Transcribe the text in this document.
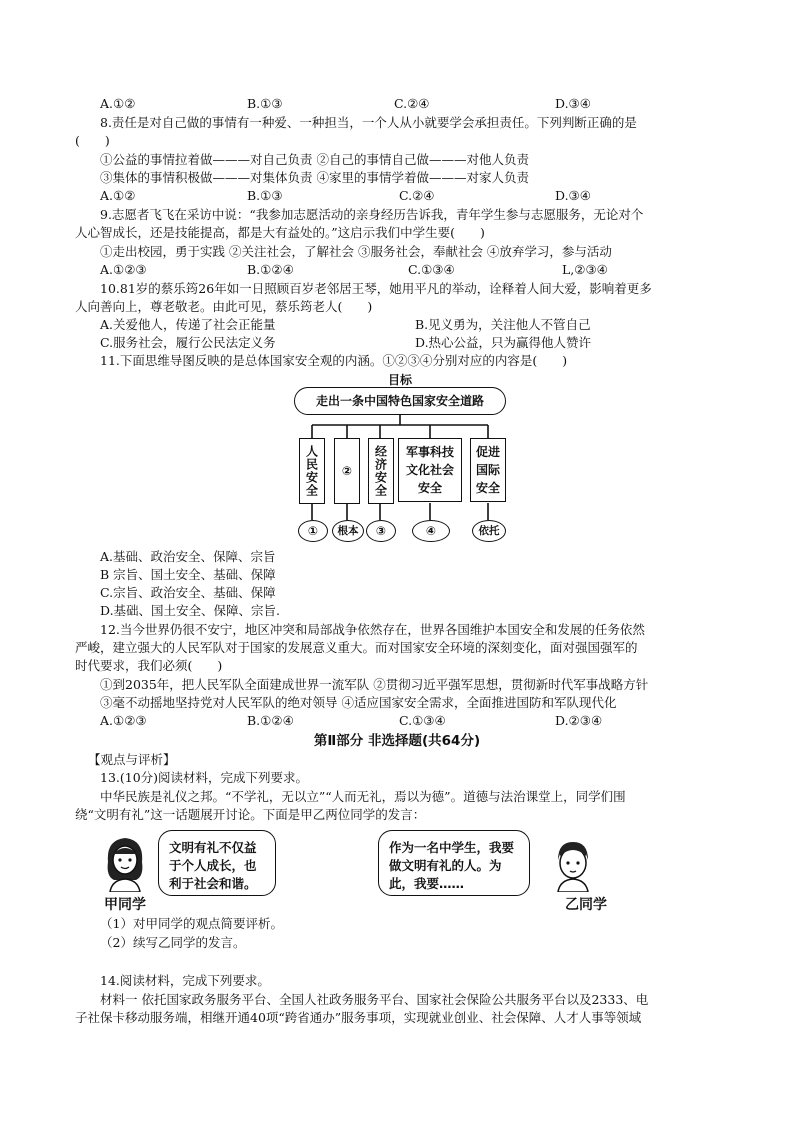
A.①②	B.①③	C.②④	D.③④
8.责任是对自己做的事情有一种爱、一种担当，一个人从小就要学会承担责任。下列判断正确的是
(　　)
①公益的事情拉着做———对自己负责 ②自己的事情自己做———对他人负责
③集体的事情积极做———对集体负责 ④家里的事情学着做———对家人负责
A.①②	B.①③	C.②④	D.③④
9.志愿者飞飞在采访中说：“我参加志愿活动的亲身经历告诉我，青年学生参与志愿服务，无论对个
人心智成长，还是技能提高，都是大有益处的。”这启示我们中学生要(　　)
①走出校园，勇于实践 ②关注社会，了解社会 ③服务社会，奉献社会 ④放弃学习，参与活动
A.①②③	B.①②④	C.①③④	L,②③④
10.81岁的蔡乐筠26年如一日照顾百岁老邻居王琴，她用平凡的举动，诠释着人间大爱，影响着更多
人向善向上，尊老敬老。由此可见，蔡乐筠老人(　　)
A.关爱他人，传递了社会正能量	B.见义勇为，关注他人不管自己
C.服务社会，履行公民法定义务	D.热心公益，只为赢得他人赞许
11.下面思维导图反映的是总体国家安全观的内涵。①②③④分别对应的内容是(　　)
目标
走出一条中国特色国家安全道路
人民安全	②	经济安全	军事科技文化社会安全
促进国际安全
①	根本	③	④	依托
A.基础、政治安全、保障、宗旨
B 宗旨、国土安全、基础、保障
C.宗旨、政治安全、基础、保障
D.基础、国土安全、保障、宗旨.
12.当今世界仍很不安宁，地区冲突和局部战争依然存在，世界各国维护本国安全和发展的任务依然
严峻，建立强大的人民军队对于国家的发展意义重大。而对国家安全环境的深刻变化，面对强国强军的
时代要求，我们必须(　　)
①到2035年，把人民军队全面建成世界一流军队 ②贯彻习近平强军思想，贯彻新时代军事战略方针
③毫不动摇地坚持党对人民军队的绝对领导 ④适应国家安全需求，全面推进国防和军队现代化
A.①②③	B.①②④	C.①③④	D.②③④
第Ⅱ部分 非选择题(共64分)
【观点与评析】
13.(10分)阅读材料，完成下列要求。
中华民族是礼仪之邦。“不学礼，无以立”“人而无礼，焉以为德”。道德与法治课堂上，同学们围
绕“文明有礼”这一话题展开讨论。下面是甲乙两位同学的发言：
文明有礼不仅益于个人成长，也利于社会和谐。
甲同学
作为一名中学生，我要做文明有礼的人。为此，我要……
乙同学
（1）对甲同学的观点简要评析。
（2）续写乙同学的发言。
14.阅读材料，完成下列要求。
材料一 依托国家政务服务平台、全国人社政务服务平台、国家社会保险公共服务平台以及2333、电
子社保卡移动服务端，相继开通40项“跨省通办”服务事项，实现就业创业、社会保障、人才人事等领域
